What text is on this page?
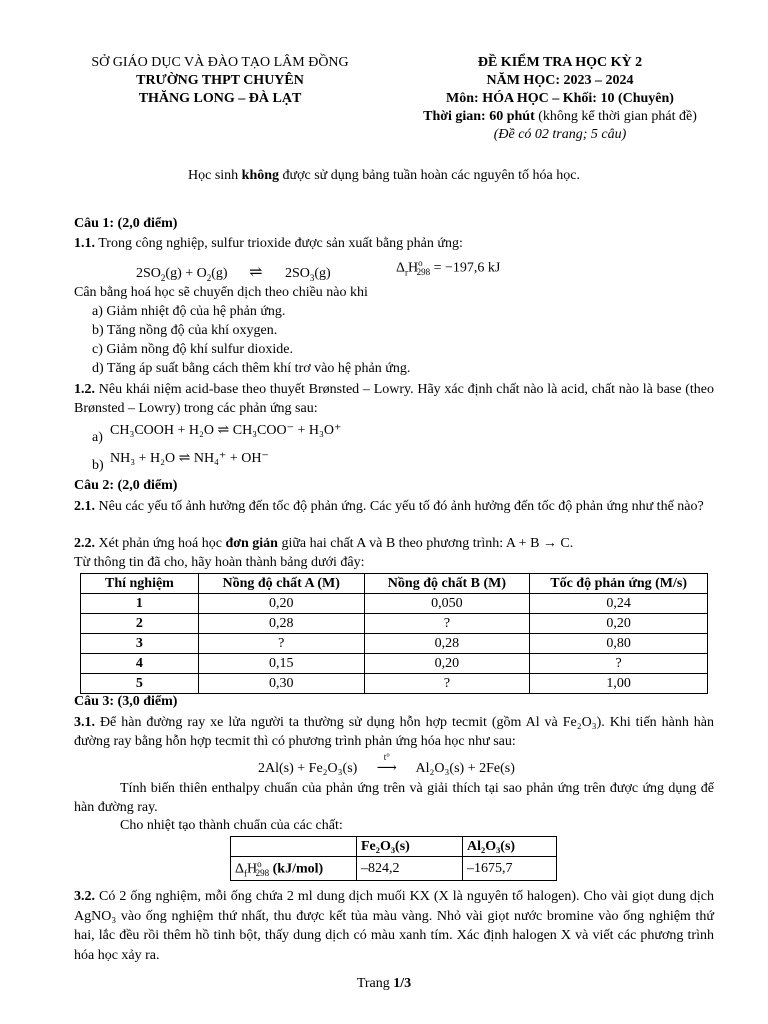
SỞ GIÁO DỤC VÀ ĐÀO TẠO LÂM ĐỒNG
TRƯỜNG THPT CHUYÊN
THĂNG LONG – ĐÀ LẠT
ĐỀ KIỂM TRA HỌC KỲ 2
NĂM HỌC: 2023 – 2024
Môn: HÓA HỌC – Khối: 10 (Chuyên)
Thời gian: 60 phút (không kể thời gian phát đề)
(Đề có 02 trang; 5 câu)
Học sinh không được sử dụng bảng tuần hoàn các nguyên tố hóa học.
Câu 1: (2,0 điểm)
1.1. Trong công nghiệp, sulfur trioxide được sản xuất bằng phản ứng:
$2SO_2(g) + O_2(g)$ ⇌ $2SO_3(g)$	$\Delta_rH^o_{298} = -197,6$ kJ
Cân bằng hoá học sẽ chuyển dịch theo chiều nào khi
a) Giảm nhiệt độ của hệ phản ứng.
b) Tăng nồng độ của khí oxygen.
c) Giảm nồng độ khí sulfur dioxide.
d) Tăng áp suất bằng cách thêm khí trơ vào hệ phản ứng.
1.2. Nêu khái niệm acid-base theo thuyết Brønsted – Lowry. Hãy xác định chất nào là acid, chất nào là base (theo Brønsted – Lowry) trong các phản ứng sau:
a) CH₃COOH + H₂O ⇌ CH₃COO⁻ + H₃O⁺
b) NH₃ + H₂O ⇌ NH₄⁺ + OH⁻
Câu 2: (2,0 điểm)
2.1. Nêu các yếu tố ảnh hưởng đến tốc độ phản ứng. Các yếu tố đó ảnh hưởng đến tốc độ phản ứng như thế nào?
2.2. Xét phản ứng hoá học đơn giản giữa hai chất A và B theo phương trình: A + B → C.
Từ thông tin đã cho, hãy hoàn thành bảng dưới đây:
Thí nghiệm	Nồng độ chất A (M)	Nồng độ chất B (M)	Tốc độ phản ứng (M/s)
1	0,20	0,050	0,24
2	0,28	?	0,20
3	?	0,28	0,80
4	0,15	0,20	?
5	0,30	?	1,00
Câu 3: (3,0 điểm)
3.1. Để hàn đường ray xe lửa người ta thường sử dụng hỗn hợp tecmit (gồm Al và Fe₂O₃). Khi tiến hành hàn đường ray bằng hỗn hợp tecmit thì có phương trình phản ứng hóa học như sau:
2Al(s) + Fe₂O₃(s)
t°
⟶ Al₂O₃(s) + 2Fe(s)
Tính biến thiên enthalpy chuẩn của phản ứng trên và giải thích tại sao phản ứng trên được ứng dụng để hàn đường ray.
Cho nhiệt tạo thành chuẩn của các chất:
	Fe₂O₃(s)	Al₂O₃(s)
$\Delta_fH^o_{298}$ (kJ/mol)	–824,2	–1675,7
3.2. Có 2 ống nghiệm, mỗi ống chứa 2 ml dung dịch muối KX (X là nguyên tố halogen). Cho vài giọt dung dịch AgNO₃ vào ống nghiệm thứ nhất, thu được kết tủa màu vàng. Nhỏ vài giọt nước bromine vào ống nghiệm thứ hai, lắc đều rồi thêm hồ tinh bột, thấy dung dịch có màu xanh tím. Xác định halogen X và viết các phương trình hóa học xảy ra.
Trang 1/3
